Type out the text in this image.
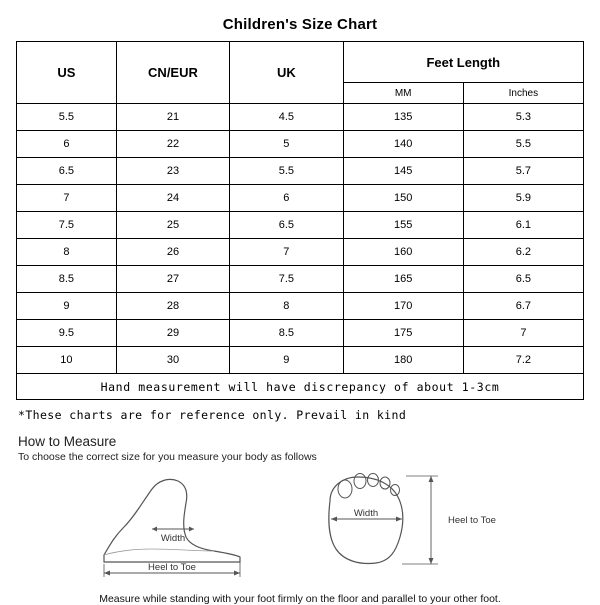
Children's Size Chart
US	CN/EUR	UK	Feet Length	
			MM	Inches
5.5	21	4.5	135	5.3
6	22	5	140	5.5
6.5	23	5.5	145	5.7
7	24	6	150	5.9
7.5	25	6.5	155	6.1
8	26	7	160	6.2
8.5	27	7.5	165	6.5
9	28	8	170	6.7
9.5	29	8.5	175	7
10	30	9	180	7.2
Hand measurement will have discrepancy of about 1-3cm				
*These charts are for reference only. Prevail in kind
How to Measure
To choose the correct size for you measure your body as follows
Width
Heel to Toe
Width
Heel to Toe
Measure while standing with your foot firmly on the floor and parallel to your other foot.
